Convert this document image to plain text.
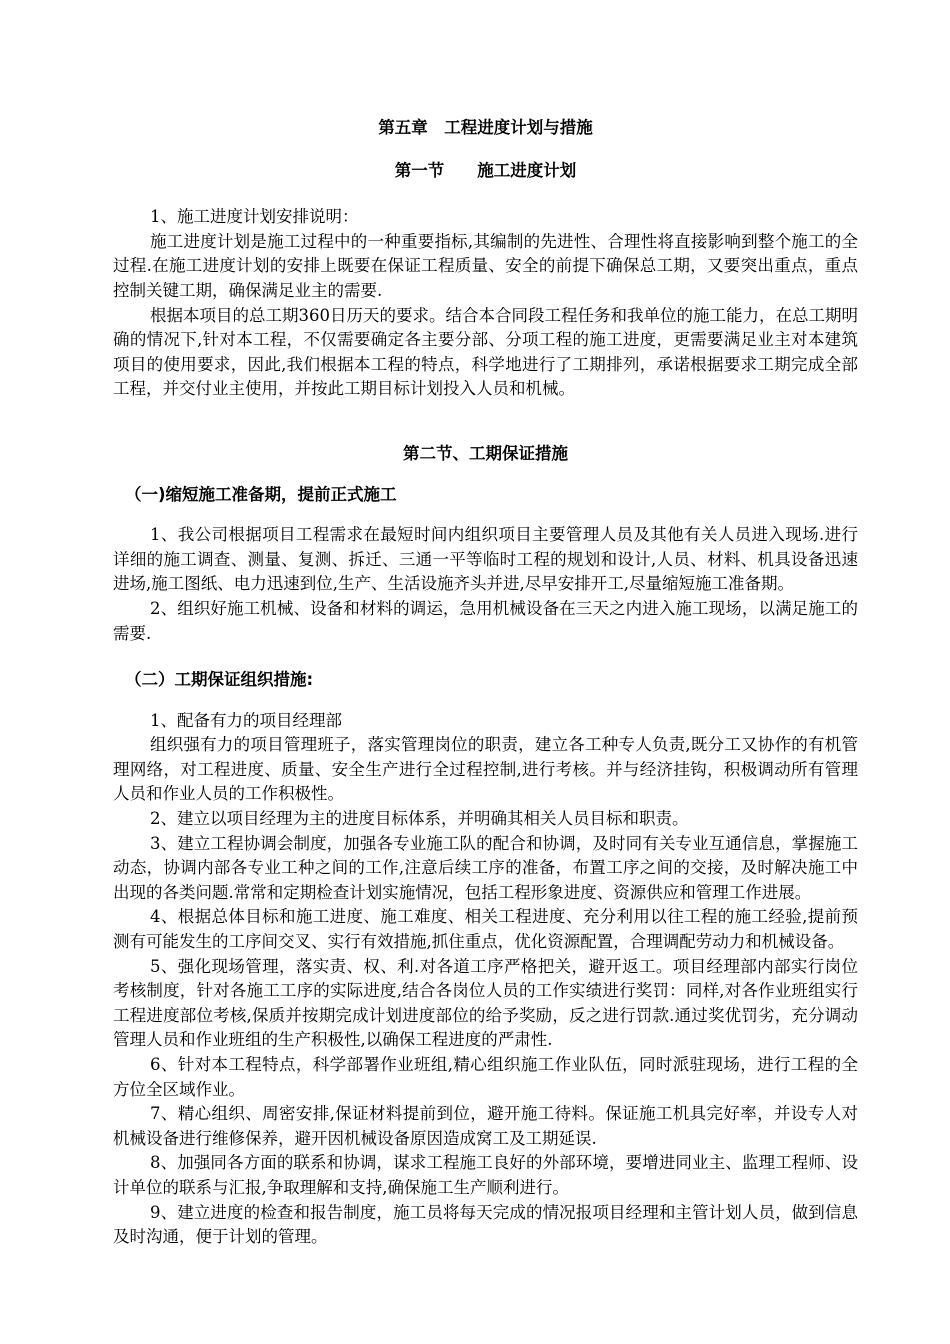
第五章　工程进度计划与措施
第一节　　施工进度计划

1、施工进度计划安排说明：

施工进度计划是施工过程中的一种重要指标,其编制的先进性、合理性将直接影响到整个施工的全过程.在施工进度计划的安排上既要在保证工程质量、安全的前提下确保总工期，又要突出重点，重点控制关键工期，确保满足业主的需要.

根据本项目的总工期360日历天的要求。结合本合同段工程任务和我单位的施工能力，在总工期明确的情况下,针对本工程，不仅需要确定各主要分部、分项工程的施工进度，更需要满足业主对本建筑项目的使用要求，因此,我们根据本工程的特点，科学地进行了工期排列，承诺根据要求工期完成全部工程，并交付业主使用，并按此工期目标计划投入人员和机械。

第二节、工期保证措施
（一)缩短施工准备期，提前正式施工

1、我公司根据项目工程需求在最短时间内组织项目主要管理人员及其他有关人员进入现场.进行详细的施工调查、测量、复测、拆迁、三通一平等临时工程的规划和设计,人员、材料、机具设备迅速进场,施工图纸、电力迅速到位,生产、生活设施齐头并进,尽早安排开工,尽量缩短施工准备期。

2、组织好施工机械、设备和材料的调运，急用机械设备在三天之内进入施工现场，以满足施工的需要.

（二）工期保证组织措施:

1、配备有力的项目经理部

组织强有力的项目管理班子，落实管理岗位的职责，建立各工种专人负责,既分工又协作的有机管理网络，对工程进度、质量、安全生产进行全过程控制,进行考核。并与经济挂钩，积极调动所有管理人员和作业人员的工作积极性。

2、建立以项目经理为主的进度目标体系，并明确其相关人员目标和职责。

3、建立工程协调会制度，加强各专业施工队的配合和协调，及时同有关专业互通信息，掌握施工动态，协调内部各专业工种之间的工作,注意后续工序的准备，布置工序之间的交接，及时解决施工中出现的各类问题.常常和定期检查计划实施情况，包括工程形象进度、资源供应和管理工作进展。

4、根据总体目标和施工进度、施工难度、相关工程进度、充分利用以往工程的施工经验,提前预测有可能发生的工序间交叉、实行有效措施,抓住重点，优化资源配置，合理调配劳动力和机械设备。

5、强化现场管理，落实责、权、利.对各道工序严格把关，避开返工。项目经理部内部实行岗位考核制度，针对各施工工序的实际进度,结合各岗位人员的工作实绩进行奖罚：同样,对各作业班组实行工程进度部位考核,保质并按期完成计划进度部位的给予奖励，反之进行罚款.通过奖优罚劣，充分调动管理人员和作业班组的生产积极性,以确保工程进度的严肃性.

6、针对本工程特点，科学部署作业班组,精心组织施工作业队伍，同时派驻现场，进行工程的全方位全区域作业。

7、精心组织、周密安排,保证材料提前到位，避开施工待料。保证施工机具完好率，并设专人对机械设备进行维修保养，避开因机械设备原因造成窝工及工期延误.

8、加强同各方面的联系和协调，谋求工程施工良好的外部环境，要增进同业主、监理工程师、设计单位的联系与汇报,争取理解和支持,确保施工生产顺利进行。

9、建立进度的检查和报告制度，施工员将每天完成的情况报项目经理和主管计划人员，做到信息及时沟通，便于计划的管理。
